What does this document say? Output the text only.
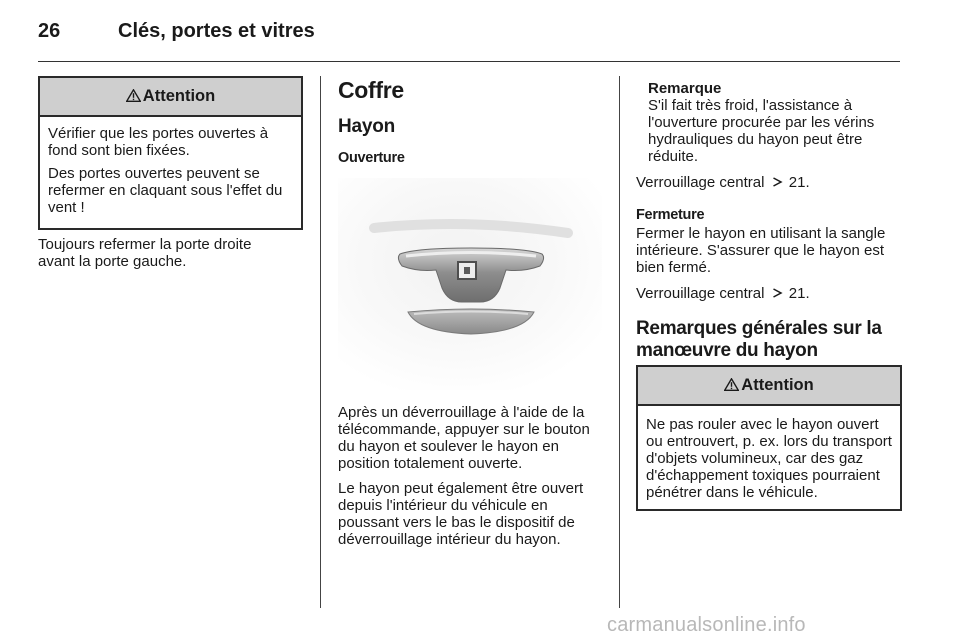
26	Clés, portes et vitres
Attention

Vérifier que les portes ouvertes à fond sont bien fixées.

Des portes ouvertes peuvent se refermer en claquant sous l'effet du vent !

Toujours refermer la porte droite avant la porte gauche.
Coffre
Hayon
Ouverture
Après un déverrouillage à l'aide de la télécommande, appuyer sur le bouton du hayon et soulever le hayon en position totalement ouverte.
Le hayon peut également être ouvert depuis l'intérieur du véhicule en poussant vers le bas le dispositif de déverrouillage intérieur du hayon.

Remarque

S'il fait très froid, l'assistance à l'ouverture procurée par les vérins hydrauliques du hayon peut être réduite.

Verrouillage central 21.
Fermeture
Fermer le hayon en utilisant la sangle intérieure. S'assurer que le hayon est bien fermé.
Verrouillage central 21.
Remarques générales sur la manœuvre du hayon
Attention

Ne pas rouler avec le hayon ouvert ou entrouvert, p. ex. lors du transport d'objets volumineux, car des gaz d'échappement toxiques pourraient pénétrer dans le véhicule.

carmanualsonline.info
